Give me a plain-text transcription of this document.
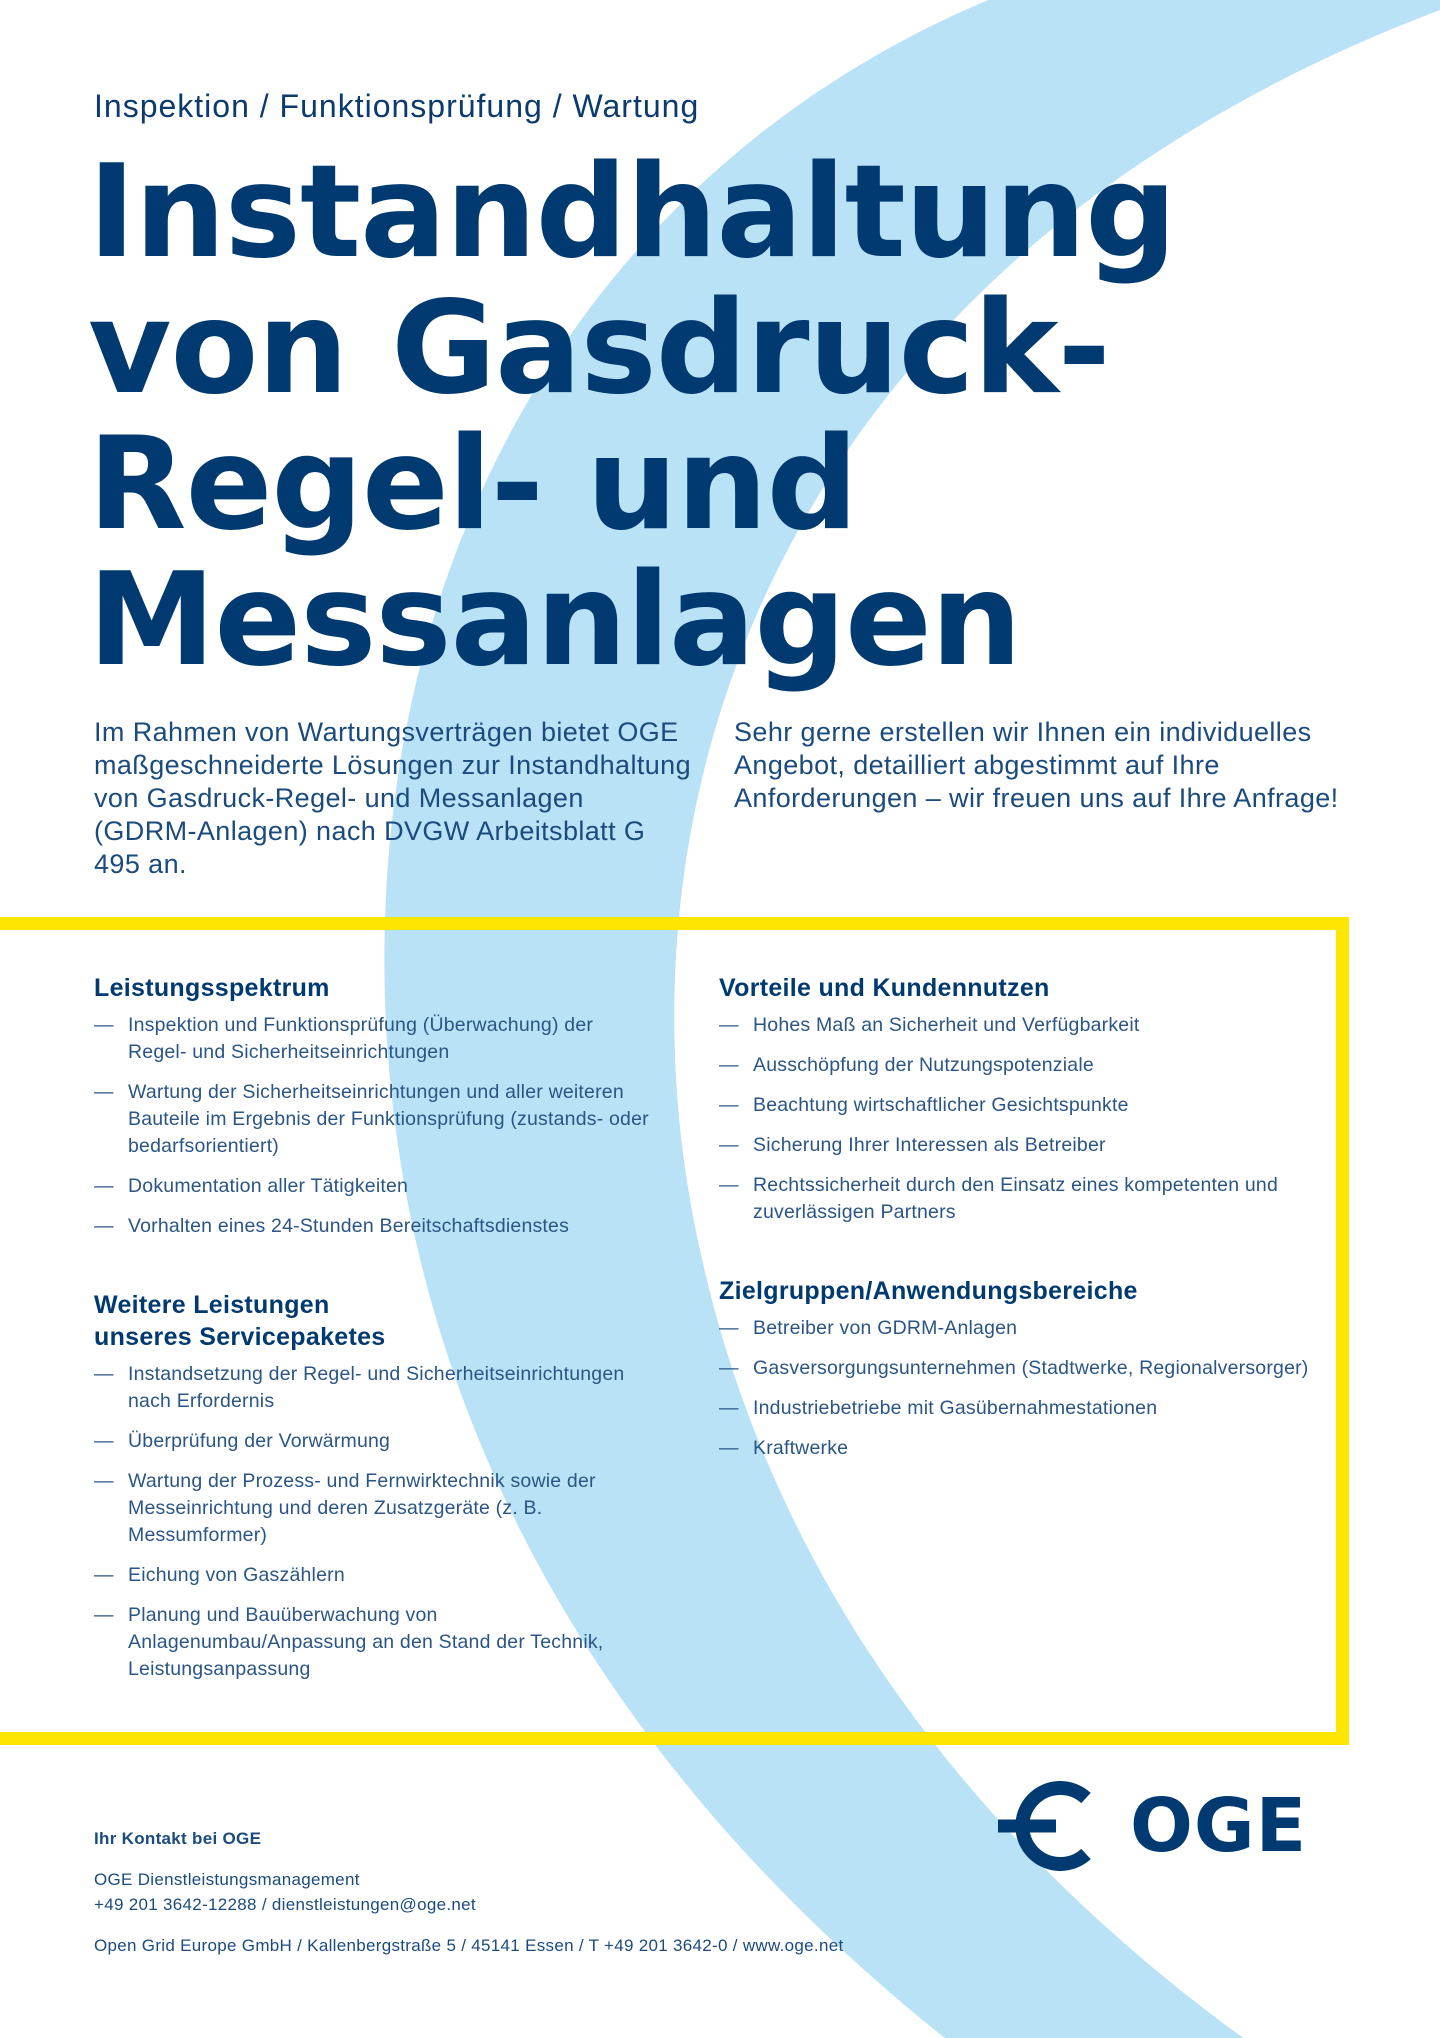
Inspektion / Funktionsprüfung / Wartung
Instandhaltung
von Gasdruck-
Regel- und
Messanlagen

Im Rahmen von Wartungsverträgen bietet OGE maßgeschneiderte Lösungen zur Instandhaltung von Gasdruck-Regel- und Messanlagen (GDRM-Anlagen) nach DVGW Arbeitsblatt G 495 an.

Sehr gerne erstellen wir Ihnen ein individuelles Angebot, detailliert abgestimmt auf Ihre Anforderungen – wir freuen uns auf Ihre Anfrage!

Leistungsspektrum
— Inspektion und Funktionsprüfung (Überwachung) der Regel- und Sicherheitseinrichtungen
— Wartung der Sicherheitseinrichtungen und aller weiteren Bauteile im Ergebnis der Funktionsprüfung (zustands- oder bedarfsorientiert)
— Dokumentation aller Tätigkeiten
— Vorhalten eines 24-Stunden Bereitschaftsdienstes
Weitere Leistungen
unseres Servicepaketes
— Instandsetzung der Regel- und Sicherheitseinrichtungen nach Erfordernis
— Überprüfung der Vorwärmung
— Wartung der Prozess- und Fernwirktechnik sowie der Messeinrichtung und deren Zusatzgeräte (z. B. Messumformer)
— Eichung von Gaszählern
— Planung und Bauüberwachung von Anlagenumbau/Anpassung an den Stand der Technik, Leistungsanpassung
Vorteile und Kundennutzen
— Hohes Maß an Sicherheit und Verfügbarkeit
— Ausschöpfung der Nutzungspotenziale
— Beachtung wirtschaftlicher Gesichtspunkte
— Sicherung Ihrer Interessen als Betreiber
— Rechtssicherheit durch den Einsatz eines kompetenten und zuverlässigen Partners
Zielgruppen/Anwendungsbereiche
— Betreiber von GDRM-Anlagen
— Gasversorgungsunternehmen (Stadtwerke, Regionalversorger)
— Industriebetriebe mit Gasübernahmestationen
— Kraftwerke
OGE

Ihr Kontakt bei OGE

OGE Dienstleistungsmanagement

+49 201 3642-12288 / dienstleistungen@oge.net

Open Grid Europe GmbH / Kallenbergstraße 5 / 45141 Essen / T +49 201 3642-0 / www.oge.net
